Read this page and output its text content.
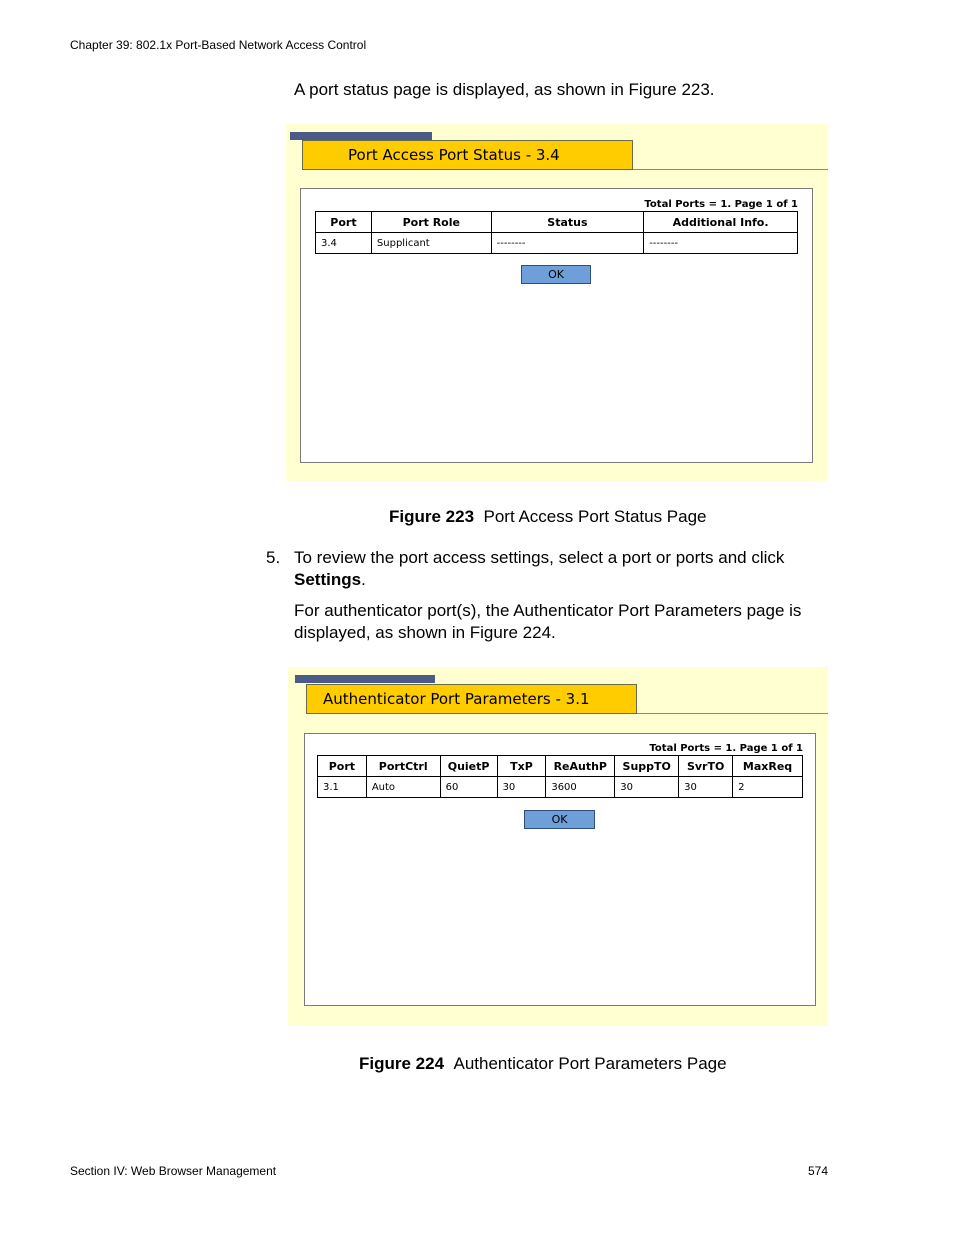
Chapter 39: 802.1x Port-Based Network Access Control
A port status page is displayed, as shown in Figure 223.
Port Access Port Status - 3.4
Total Ports = 1. Page 1 of 1
Port	Port Role	Status	Additional Info.
3.4	Supplicant	--------	--------
OK
Figure 223 Port Access Port Status Page
5. To review the port access settings, select a port or ports and click Settings.
For authenticator port(s), the Authenticator Port Parameters page is displayed, as shown in Figure 224.
Authenticator Port Parameters - 3.1
Total Ports = 1. Page 1 of 1
Port	PortCtrl	QuietP	TxP	ReAuthP	SuppTO	SvrTO	MaxReq
3.1	Auto	60	30	3600	30	30	2
OK
Figure 224 Authenticator Port Parameters Page
Section IV: Web Browser Management	574
